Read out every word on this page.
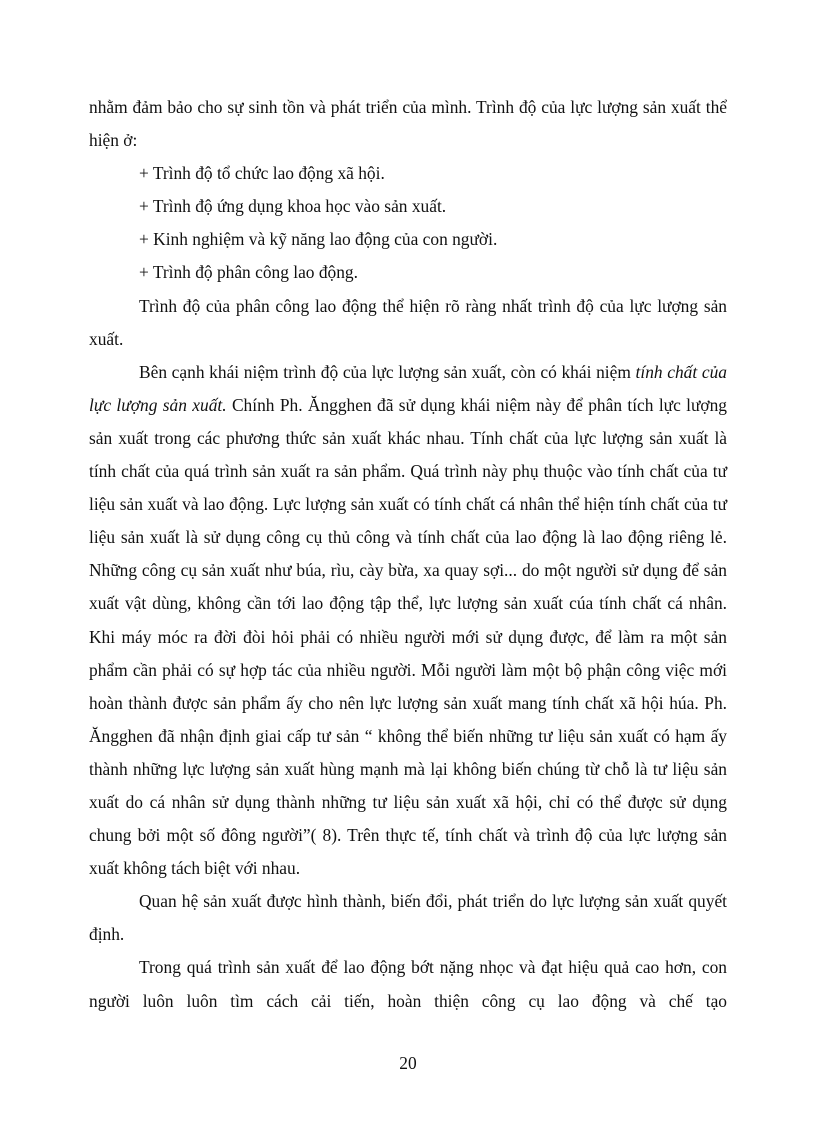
nhằm đảm bảo cho sự sinh tồn và phát triển của mình. Trình độ của lực lượng sản xuất thể hiện ở:

+ Trình độ tổ chức lao động xã hội.

+ Trình độ ứng dụng khoa học vào sản xuất.

+ Kinh nghiệm và kỹ năng lao động của con người.

+ Trình độ phân công lao động.

Trình độ của phân công lao động thể hiện rõ ràng nhất trình độ của lực lượng sản xuất.

Bên cạnh khái niệm trình độ của lực lượng sản xuất, còn có khái niệm tính chất của lực lượng sản xuất. Chính Ph. Ăngghen đã sử dụng khái niệm này để phân tích lực lượng sản xuất trong các phương thức sản xuất khác nhau. Tính chất của lực lượng sản xuất là tính chất của quá trình sản xuất ra sản phẩm. Quá trình này phụ thuộc vào tính chất của tư liệu sản xuất và lao động. Lực lượng sản xuất có tính chất cá nhân thể hiện tính chất của tư liệu sản xuất là sử dụng công cụ thủ công và tính chất của lao động là lao động riêng lẻ. Những công cụ sản xuất như búa, rìu, cày bừa, xa quay sợi... do một người sử dụng để sản xuất vật dùng, không cần tới lao động tập thể, lực lượng sản xuất cúa tính chất cá nhân. Khi máy móc ra đời đòi hỏi phải có nhiều người mới sử dụng được, để làm ra một sản phẩm cần phải có sự hợp tác của nhiều người. Mỗi người làm một bộ phận công việc mới hoàn thành được sản phẩm ấy cho nên lực lượng sản xuất mang tính chất xã hội húa. Ph. Ăngghen đã nhận định giai cấp tư sản “ không thể biến những tư liệu sản xuất có hạm ấy thành những lực lượng sản xuất hùng mạnh mà lại không biến chúng từ chỗ là tư liệu sản xuất do cá nhân sử dụng thành những tư liệu sản xuất xã hội, chỉ có thể được sử dụng chung bởi một số đông người”( 8). Trên thực tế, tính chất và trình độ của lực lượng sản xuất không tách biệt với nhau.

Quan hệ sản xuất được hình thành, biến đổi, phát triển do lực lượng sản xuất quyết định.

Trong quá trình sản xuất để lao động bớt nặng nhọc và đạt hiệu quả cao hơn, con người luôn luôn tìm cách cải tiến, hoàn thiện công cụ lao động và chế tạo

20
